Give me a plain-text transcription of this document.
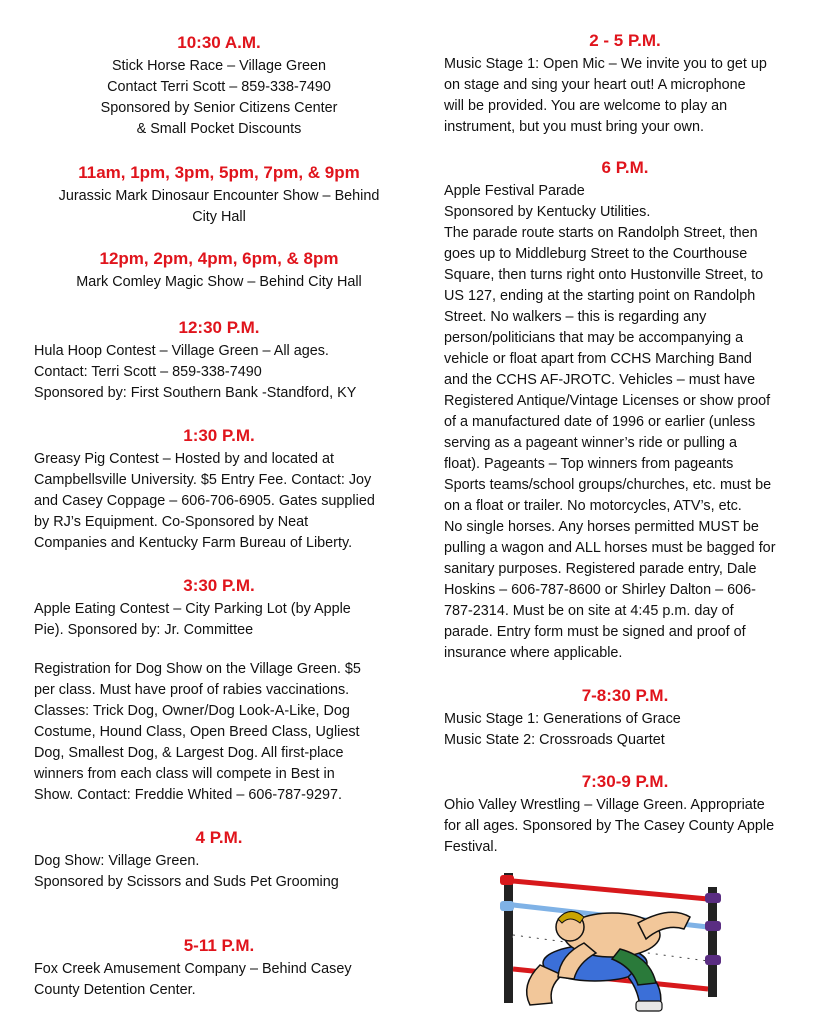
10:30 A.M.
Stick Horse Race – Village Green
Contact Terri Scott – 859-338-7490
Sponsored by Senior Citizens Center
& Small Pocket Discounts
11am, 1pm, 3pm, 5pm, 7pm, & 9pm
Jurassic Mark Dinosaur Encounter Show – Behind
City Hall
12pm, 2pm, 4pm, 6pm, & 8pm
Mark Comley Magic Show – Behind City Hall
12:30 P.M.
Hula Hoop Contest – Village Green – All ages.
Contact: Terri Scott – 859-338-7490
Sponsored by: First Southern Bank -Standford, KY
1:30 P.M.
Greasy Pig Contest – Hosted by and located at
Campbellsville University. $5 Entry Fee. Contact: Joy
and Casey Coppage – 606-706-6905. Gates supplied
by RJ’s Equipment. Co-Sponsored by Neat
Companies and Kentucky Farm Bureau of Liberty.
3:30 P.M.
Apple Eating Contest – City Parking Lot (by Apple
Pie). Sponsored by: Jr. Committee
Registration for Dog Show on the Village Green. $5
per class. Must have proof of rabies vaccinations.
Classes: Trick Dog, Owner/Dog Look-A-Like, Dog
Costume, Hound Class, Open Breed Class, Ugliest
Dog, Smallest Dog, & Largest Dog. All first-place
winners from each class will compete in Best in
Show. Contact: Freddie Whited – 606-787-9297.
4 P.M.
Dog Show: Village Green.
Sponsored by Scissors and Suds Pet Grooming
5-11 P.M.
Fox Creek Amusement Company – Behind Casey
County Detention Center.
2 - 5 P.M.
Music Stage 1: Open Mic – We invite you to get up
on stage and sing your heart out! A microphone
will be provided. You are welcome to play an
instrument, but you must bring your own.
6 P.M.
Apple Festival Parade
Sponsored by Kentucky Utilities.
The parade route starts on Randolph Street, then
goes up to Middleburg Street to the Courthouse
Square, then turns right onto Hustonville Street, to
US 127, ending at the starting point on Randolph
Street. No walkers – this is regarding any
person/politicians that may be accompanying a
vehicle or float apart from CCHS Marching Band
and the CCHS AF-JROTC. Vehicles – must have
Registered Antique/Vintage Licenses or show proof
of a manufactured date of 1996 or earlier (unless
serving as a pageant winner’s ride or pulling a
float). Pageants – Top winners from pageants
Sports teams/school groups/churches, etc. must be
on a float or trailer. No motorcycles, ATV’s, etc.
No single horses. Any horses permitted MUST be
pulling a wagon and ALL horses must be bagged for
sanitary purposes. Registered parade entry, Dale
Hoskins – 606-787-8600 or Shirley Dalton – 606-
787-2314. Must be on site at 4:45 p.m. day of
parade. Entry form must be signed and proof of
insurance where applicable.
7-8:30 P.M.
Music Stage 1: Generations of Grace
Music State 2: Crossroads Quartet
7:30-9 P.M.
Ohio Valley Wrestling – Village Green. Appropriate
for all ages. Sponsored by The Casey County Apple
Festival.
